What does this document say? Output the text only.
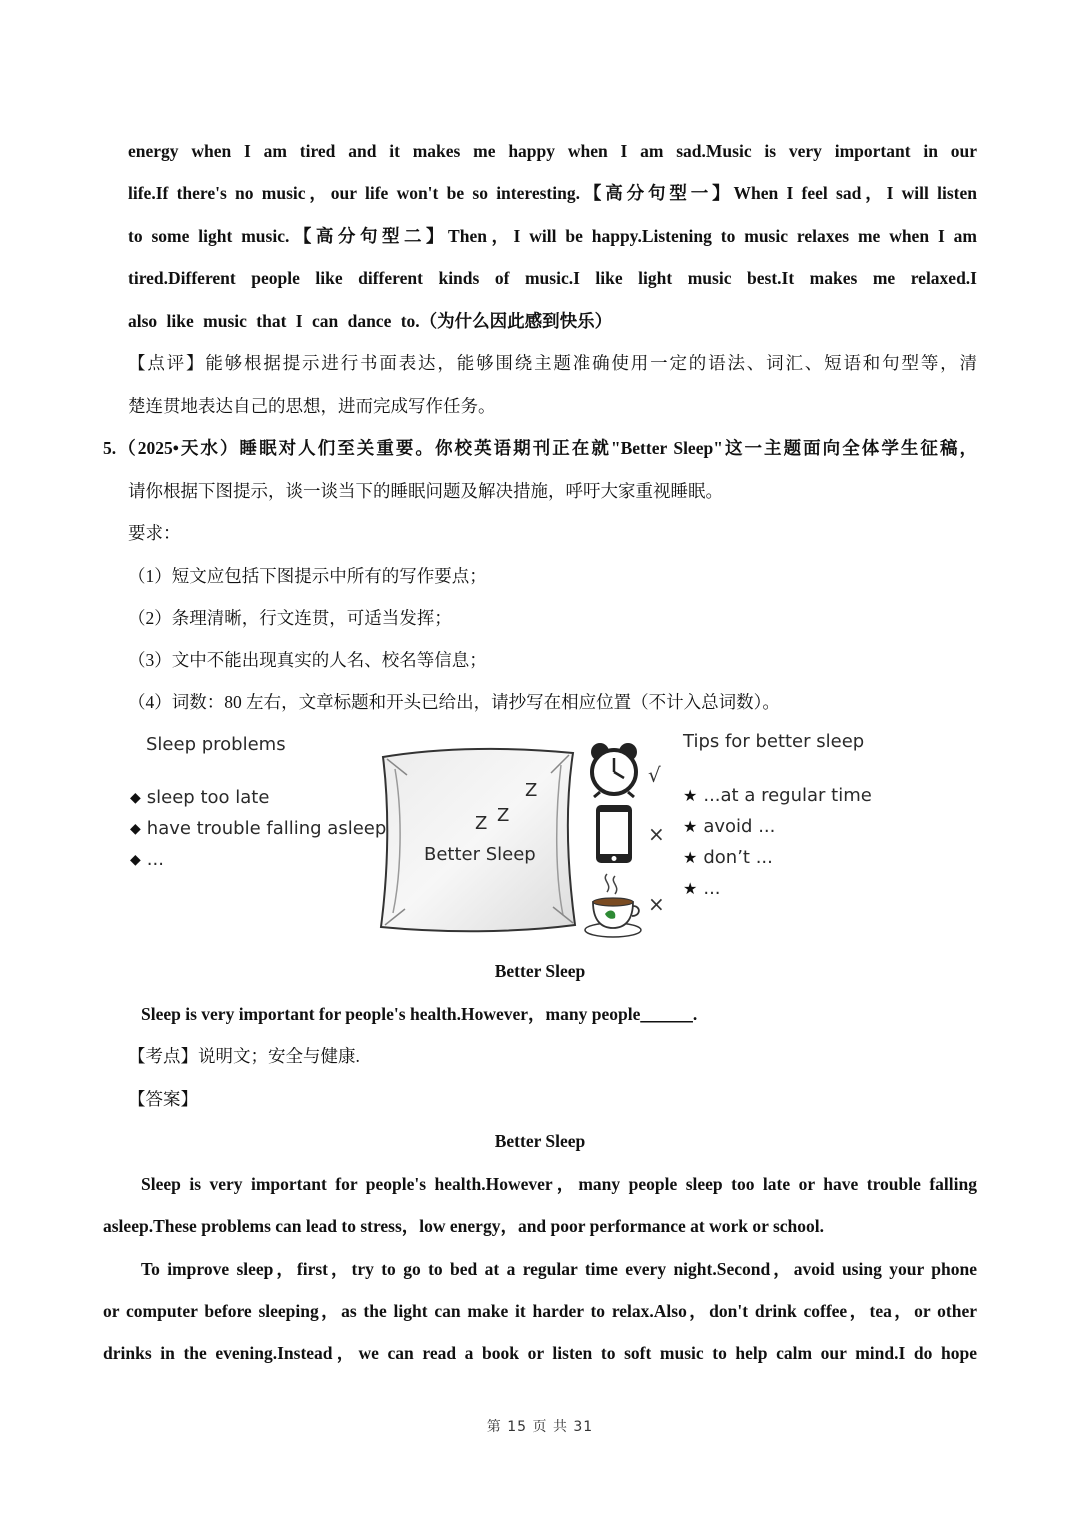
energy when I am tired and it makes me happy when I am sad.Music is very important in our
life.If there's no music，our life won't be so interesting.【高分句型一】When I feel sad，I will listen
to some light music.【高分句型二】Then，I will be happy.Listening to music relaxes me when I am
tired.Different people like different kinds of music.I like light music best.It makes me relaxed.I
also like music that I can dance to.（为什么因此感到快乐）
【点评】能够根据提示进行书面表达，能够围绕主题准确使用一定的语法、词汇、短语和句型等，清
楚连贯地表达自己的思想，进而完成写作任务。
5.（2025•天水）睡眠对人们至关重要。你校英语期刊正在就"Better Sleep"这一主题面向全体学生征稿，
请你根据下图提示，谈一谈当下的睡眠问题及解决措施，呼吁大家重视睡眠。
要求：
（1）短文应包括下图提示中所有的写作要点；
（2）条理清晰，行文连贯，可适当发挥；
（3）文中不能出现真实的人名、校名等信息；
（4）词数：80 左右，文章标题和开头已给出，请抄写在相应位置（不计入总词数）。
Sleep problems
◆ sleep too late
◆ have trouble falling asleep
◆ ...
Z
Z Z
Better Sleep
√
×
×
Tips for better sleep
★ ...at a regular time
★ avoid ...
★ don’t ...
★ ...
Better Sleep
Sleep is very important for people's health.However，many people______.
【考点】说明文；安全与健康.
【答案】
Better Sleep
Sleep is very important for people's health.However，many people sleep too late or have trouble falling
asleep.These problems can lead to stress，low energy，and poor performance at work or school.
To improve sleep，first，try to go to bed at a regular time every night.Second，avoid using your phone
or computer before sleeping，as the light can make it harder to relax.Also，don't drink coffee，tea，or other
drinks in the evening.Instead，we can read a book or listen to soft music to help calm our mind.I do hope
第 15 页 共 31
